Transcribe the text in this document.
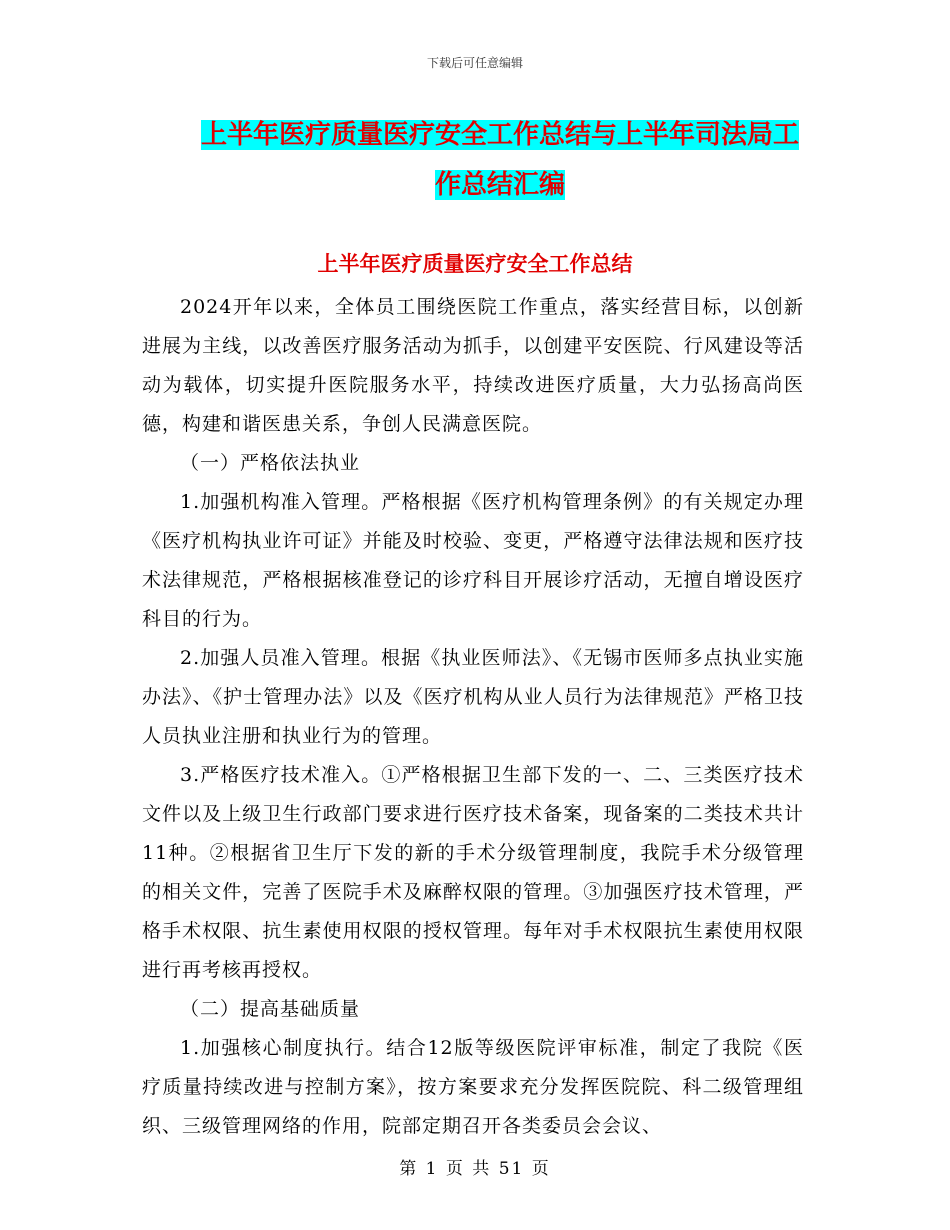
下载后可任意编辑
上半年医疗质量医疗安全工作总结与上半年司法局工作总结汇编
上半年医疗质量医疗安全工作总结

2024开年以来，全体员工围绕医院工作重点，落实经营目标，以创新进展为主线，以改善医疗服务活动为抓手，以创建平安医院、行风建设等活动为载体，切实提升医院服务水平，持续改进医疗质量，大力弘扬高尚医德，构建和谐医患关系，争创人民满意医院。

（一）严格依法执业

1.加强机构准入管理。严格根据《医疗机构管理条例》的有关规定办理《医疗机构执业许可证》并能及时校验、变更，严格遵守法律法规和医疗技术法律规范，严格根据核准登记的诊疗科目开展诊疗活动，无擅自增设医疗科目的行为。

2.加强人员准入管理。根据《执业医师法》、《无锡市医师多点执业实施办法》、《护士管理办法》以及《医疗机构从业人员行为法律规范》严格卫技人员执业注册和执业行为的管理。

3.严格医疗技术准入。①严格根据卫生部下发的一、二、三类医疗技术文件以及上级卫生行政部门要求进行医疗技术备案，现备案的二类技术共计11种。②根据省卫生厅下发的新的手术分级管理制度，我院手术分级管理的相关文件，完善了医院手术及麻醉权限的管理。③加强医疗技术管理，严格手术权限、抗生素使用权限的授权管理。每年对手术权限抗生素使用权限进行再考核再授权。

（二）提高基础质量

1.加强核心制度执行。结合12版等级医院评审标准，制定了我院《医疗质量持续改进与控制方案》，按方案要求充分发挥医院院、科二级管理组织、三级管理网络的作用，院部定期召开各类委员会会议、

第 1 页 共 51 页
